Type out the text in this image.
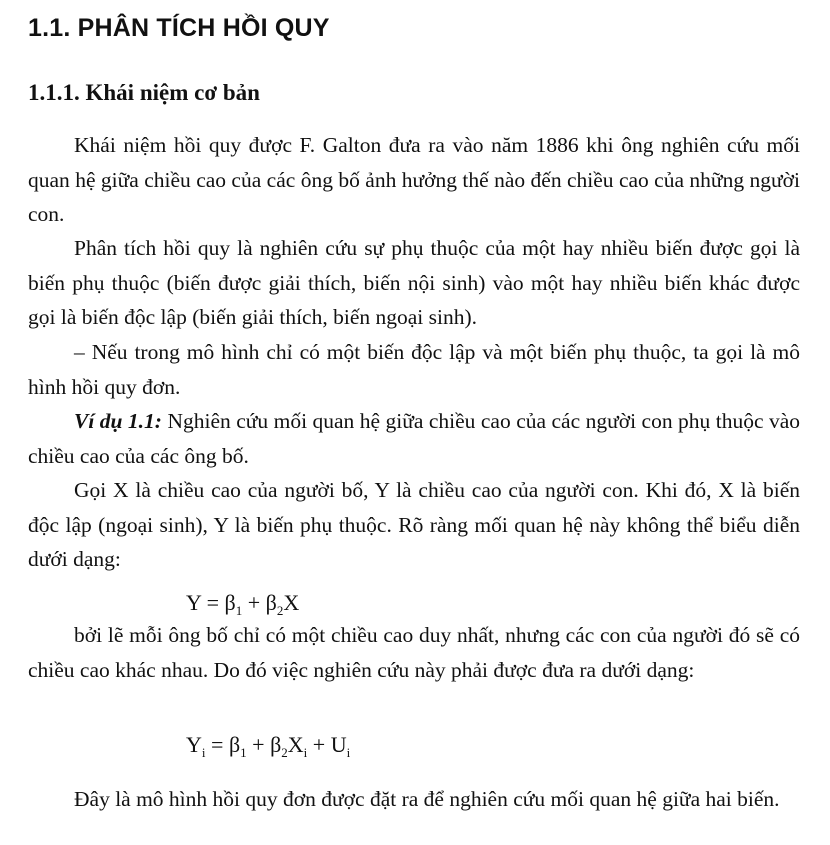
1.1. PHÂN TÍCH HỒI QUY
1.1.1. Khái niệm cơ bản

Khái niệm hồi quy được F. Galton đưa ra vào năm 1886 khi ông nghiên cứu mối quan hệ giữa chiều cao của các ông bố ảnh hưởng thế nào đến chiều cao của những người con.

Phân tích hồi quy là nghiên cứu sự phụ thuộc của một hay nhiều biến được gọi là biến phụ thuộc (biến được giải thích, biến nội sinh) vào một hay nhiều biến khác được gọi là biến độc lập (biến giải thích, biến ngoại sinh).

– Nếu trong mô hình chỉ có một biến độc lập và một biến phụ thuộc, ta gọi là mô hình hồi quy đơn.

Ví dụ 1.1: Nghiên cứu mối quan hệ giữa chiều cao của các người con phụ thuộc vào chiều cao của các ông bố.

Gọi X là chiều cao của người bố, Y là chiều cao của người con. Khi đó, X là biến độc lập (ngoại sinh), Y là biến phụ thuộc. Rõ ràng mối quan hệ này không thể biểu diễn dưới dạng:

$Y = \beta_1 + \beta_2X$

bởi lẽ mỗi ông bố chỉ có một chiều cao duy nhất, nhưng các con của người đó sẽ có chiều cao khác nhau. Do đó việc nghiên cứu này phải được đưa ra dưới dạng:

$Y_i = \beta_1 + \beta_2X_i + U_i$

Đây là mô hình hồi quy đơn được đặt ra để nghiên cứu mối quan hệ giữa hai biến.
